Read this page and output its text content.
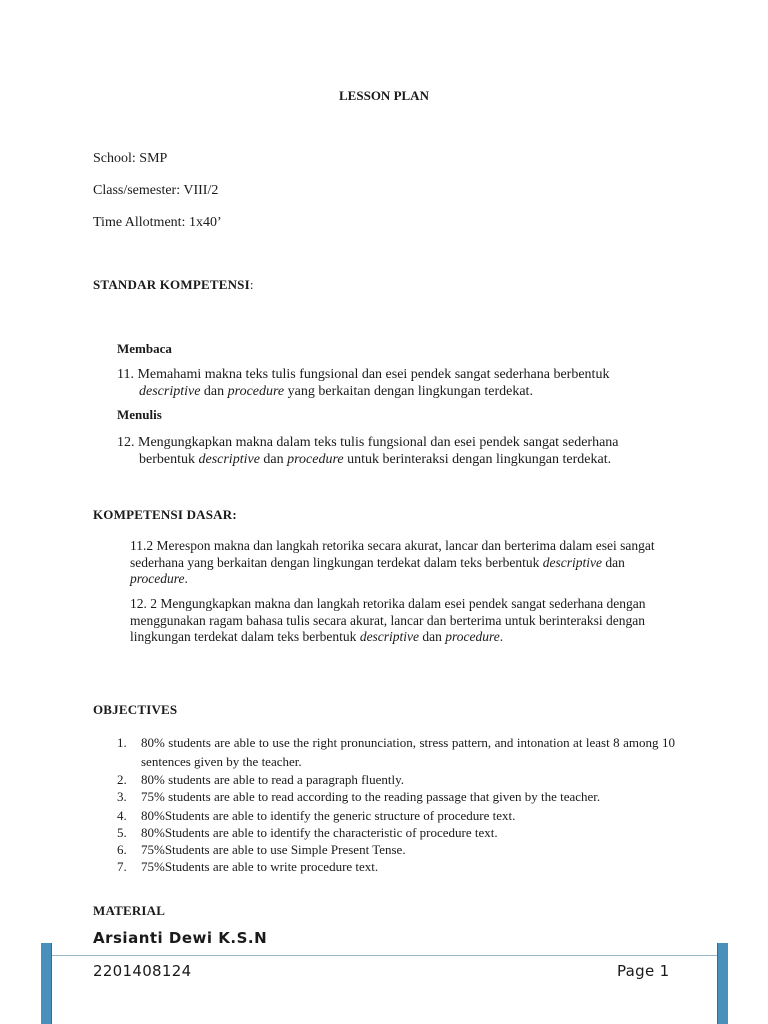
LESSON PLAN
School: SMP
Class/semester: VIII/2
Time Allotment: 1x40’
STANDAR KOMPETENSI:
Membaca
11. Memahami makna teks tulis fungsional dan esei pendek sangat sederhana berbentuk
descriptive dan procedure yang berkaitan dengan lingkungan terdekat.
Menulis
12. Mengungkapkan makna dalam teks tulis fungsional dan esei pendek sangat sederhana
berbentuk descriptive dan procedure untuk berinteraksi dengan lingkungan terdekat.
KOMPETENSI DASAR:
11.2 Merespon makna dan langkah retorika secara akurat, lancar dan berterima dalam esei sangat sederhana yang berkaitan dengan lingkungan terdekat dalam teks berbentuk descriptive dan procedure.
12. 2 Mengungkapkan makna dan langkah retorika dalam esei pendek sangat sederhana dengan menggunakan ragam bahasa tulis secara akurat, lancar dan berterima untuk berinteraksi dengan lingkungan terdekat dalam teks berbentuk descriptive dan procedure.
OBJECTIVES
1.	80% students are able to use the right pronunciation, stress pattern, and intonation at least 8 among 10 sentences given by the teacher.
2.	80% students are able to read a paragraph fluently.
3.	75% students are able to read according to the reading passage that given by the teacher.
4.	80%Students are able to identify the generic structure of procedure text.
5.	80%Students are able to identify the characteristic of procedure text.
6.	75%Students are able to use Simple Present Tense.
7.	75%Students are able to write procedure text.
MATERIAL
Arsianti Dewi K.S.N
2201408124	Page 1
